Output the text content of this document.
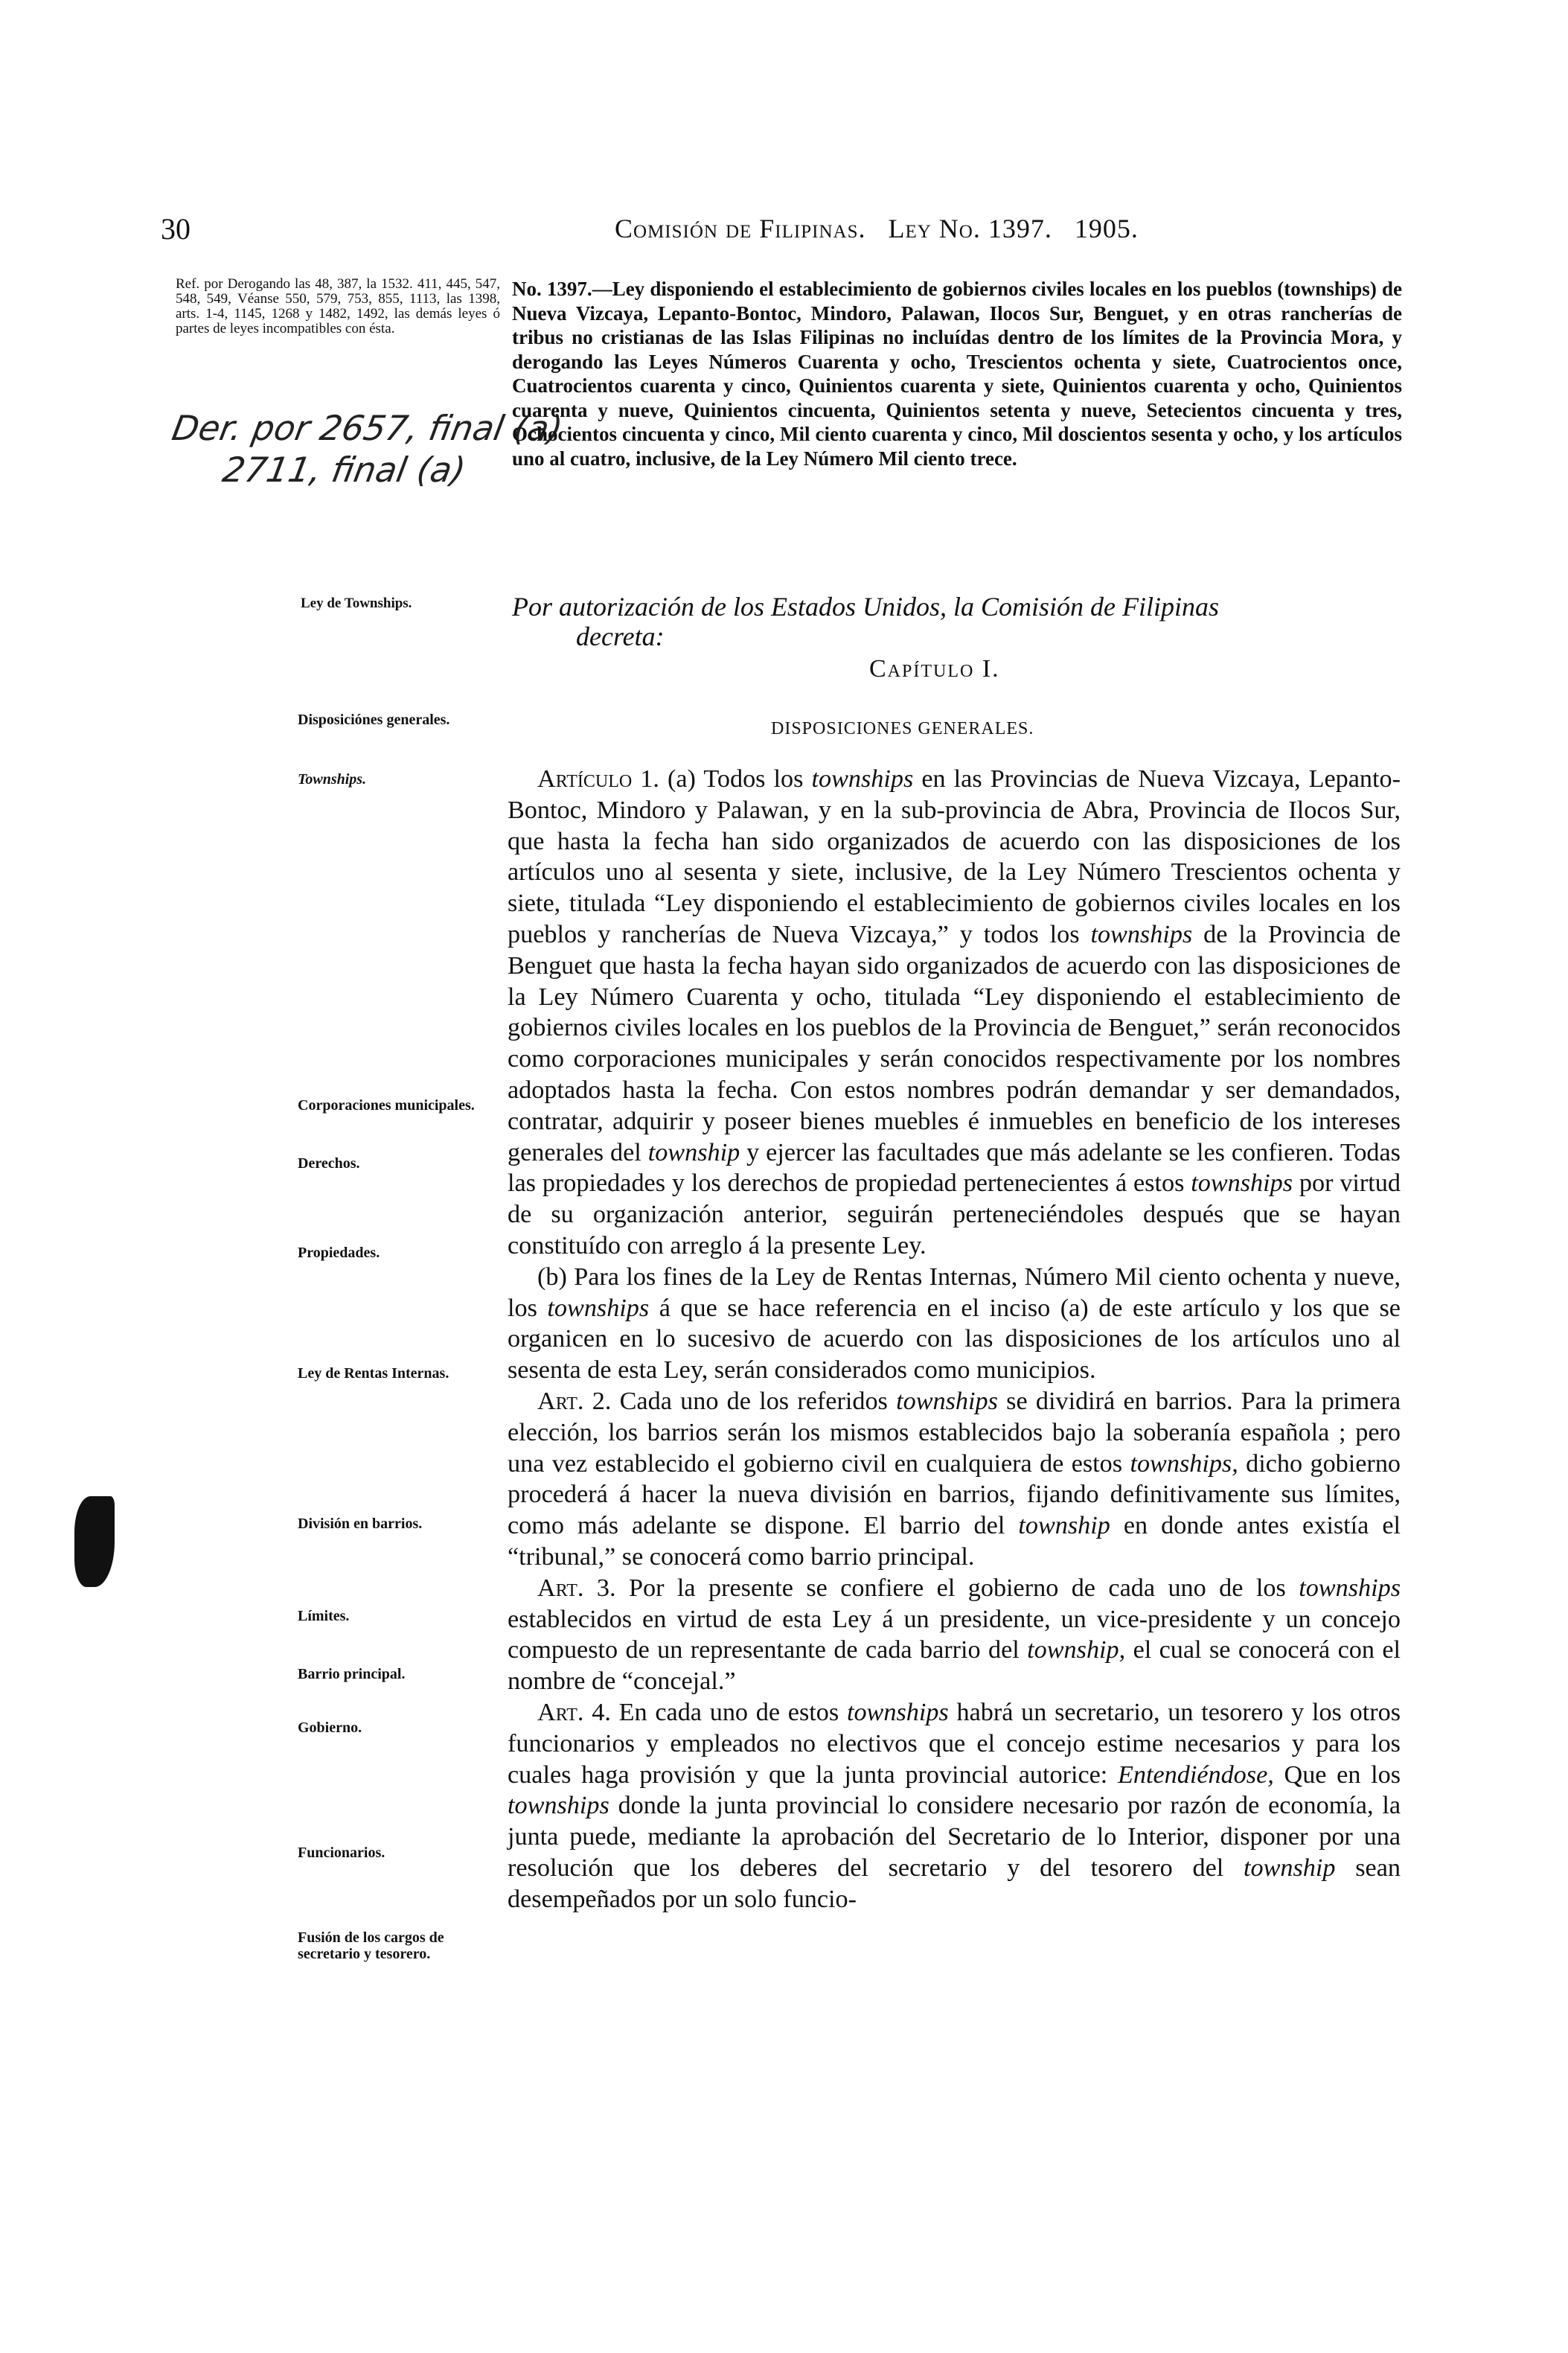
30	Comisión de Filipinas. Ley No. 1397. 1905.
Ref. por Derogando las 48, 387, la 1532. 411, 445, 547, 548, 549, Véanse 550, 579, 753, 855, 1113, las 1398, arts. 1-4, 1145, 1268 y 1482, 1492, las demás leyes ó partes de leyes incompatibles con ésta.
Der. por 2657, final (a)
2711, final (a)
No. 1397.—Ley disponiendo el establecimiento de gobiernos civiles locales en los pueblos (townships) de Nueva Vizcaya, Lepanto-Bontoc, Mindoro, Palawan, Ilocos Sur, Benguet, y en otras rancherías de tribus no cristianas de las Islas Filipinas no incluídas dentro de los límites de la Provincia Mora, y derogando las Leyes Números Cuarenta y ocho, Trescientos ochenta y siete, Cuatrocientos once, Cuatrocientos cuarenta y cinco, Quinientos cuarenta y siete, Quinientos cuarenta y ocho, Quinientos cuarenta y nueve, Quinientos cincuenta, Quinientos setenta y nueve, Setecientos cincuenta y tres, Ochocientos cincuenta y cinco, Mil ciento cuarenta y cinco, Mil doscientos sesenta y ocho, y los artículos uno al cuatro, inclusive, de la Ley Número Mil ciento trece.
Por autorización de los Estados Unidos, la Comisión de Filipinas
decreta:
Capítulo I.
DISPOSICIONES GENERALES.
Ley de Townships.
Disposiciónes generales.
Townships.
Corporaciones municipales.
Derechos.
Propiedades.
Ley de Rentas Internas.
División en barrios.
Límites.
Barrio principal.
Gobierno.
Funcionarios.
Fusión de los cargos de secretario y tesorero.

Artículo 1. (a) Todos los townships en las Provincias de Nueva Vizcaya, Lepanto-Bontoc, Mindoro y Palawan, y en la sub-provincia de Abra, Provincia de Ilocos Sur, que hasta la fecha han sido organizados de acuerdo con las disposiciones de los artículos uno al sesenta y siete, inclusive, de la Ley Número Trescientos ochenta y siete, titulada “Ley disponiendo el establecimiento de gobiernos civiles locales en los pueblos y rancherías de Nueva Vizcaya,” y todos los townships de la Provincia de Benguet que hasta la fecha hayan sido organizados de acuerdo con las disposiciones de la Ley Número Cuarenta y ocho, titulada “Ley disponiendo el establecimiento de gobiernos civiles locales en los pueblos de la Provincia de Benguet,” serán reconocidos como corporaciones municipales y serán conocidos respectivamente por los nombres adoptados hasta la fecha. Con estos nombres podrán demandar y ser demandados, contratar, adquirir y poseer bienes muebles é inmuebles en beneficio de los intereses generales del township y ejercer las facultades que más adelante se les confieren. Todas las propiedades y los derechos de propiedad pertenecientes á estos townships por virtud de su organización anterior, seguirán perteneciéndoles después que se hayan constituído con arreglo á la presente Ley.

(b) Para los fines de la Ley de Rentas Internas, Número Mil ciento ochenta y nueve, los townships á que se hace referencia en el inciso (a) de este artículo y los que se organicen en lo sucesivo de acuerdo con las disposiciones de los artículos uno al sesenta de esta Ley, serán considerados como municipios.

Art. 2. Cada uno de los referidos townships se dividirá en barrios. Para la primera elección, los barrios serán los mismos establecidos bajo la soberanía española ; pero una vez establecido el gobierno civil en cualquiera de estos townships, dicho gobierno procederá á hacer la nueva división en barrios, fijando definitivamente sus límites, como más adelante se dispone. El barrio del township en donde antes existía el “tribunal,” se conocerá como barrio principal.

Art. 3. Por la presente se confiere el gobierno de cada uno de los townships establecidos en virtud de esta Ley á un presidente, un vice-presidente y un concejo compuesto de un representante de cada barrio del township, el cual se conocerá con el nombre de “concejal.”

Art. 4. En cada uno de estos townships habrá un secretario, un tesorero y los otros funcionarios y empleados no electivos que el concejo estime necesarios y para los cuales haga provisión y que la junta provincial autorice: Entendiéndose, Que en los townships donde la junta provincial lo considere necesario por razón de economía, la junta puede, mediante la aprobación del Secretario de lo Interior, disponer por una resolución que los deberes del secretario y del tesorero del township sean desempeñados por un solo funcio-
